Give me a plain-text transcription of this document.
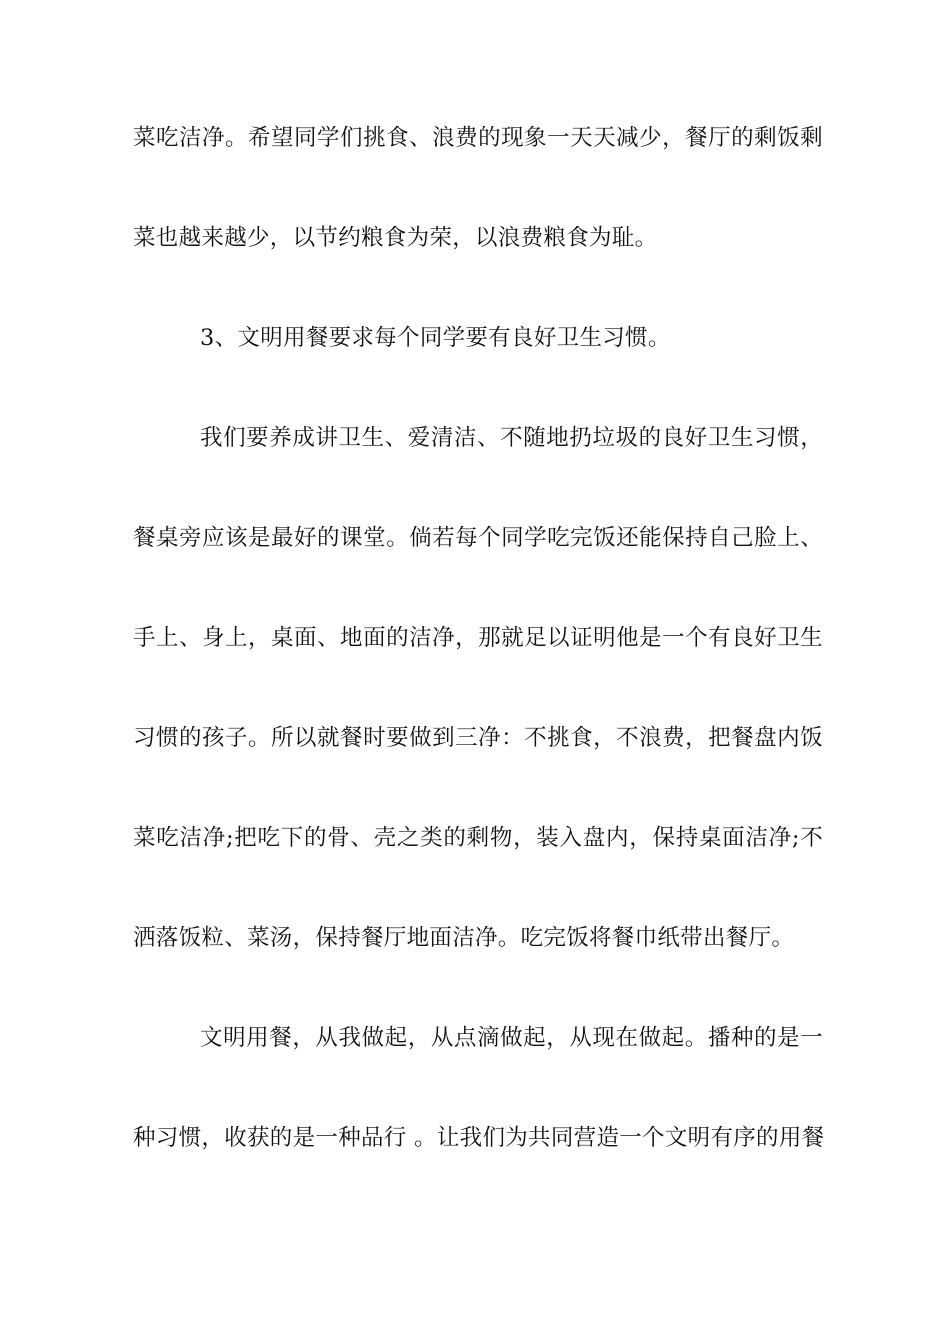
菜吃洁净。希望同学们挑食、浪费的现象一天天减少，餐厅的剩饭剩
菜也越来越少，以节约粮食为荣，以浪费粮食为耻。
3、文明用餐要求每个同学要有良好卫生习惯。
我们要养成讲卫生、爱清洁、不随地扔垃圾的良好卫生习惯，
餐桌旁应该是最好的课堂。倘若每个同学吃完饭还能保持自己脸上、
手上、身上，桌面、地面的洁净，那就足以证明他是一个有良好卫生
习惯的孩子。所以就餐时要做到三净：不挑食，不浪费，把餐盘内饭
菜吃洁净;把吃下的骨、壳之类的剩物，装入盘内，保持桌面洁净;不
洒落饭粒、菜汤，保持餐厅地面洁净。吃完饭将餐巾纸带出餐厅。
文明用餐，从我做起，从点滴做起，从现在做起。播种的是一
种习惯，收获的是一种品行 。让我们为共同营造一个文明有序的用餐
